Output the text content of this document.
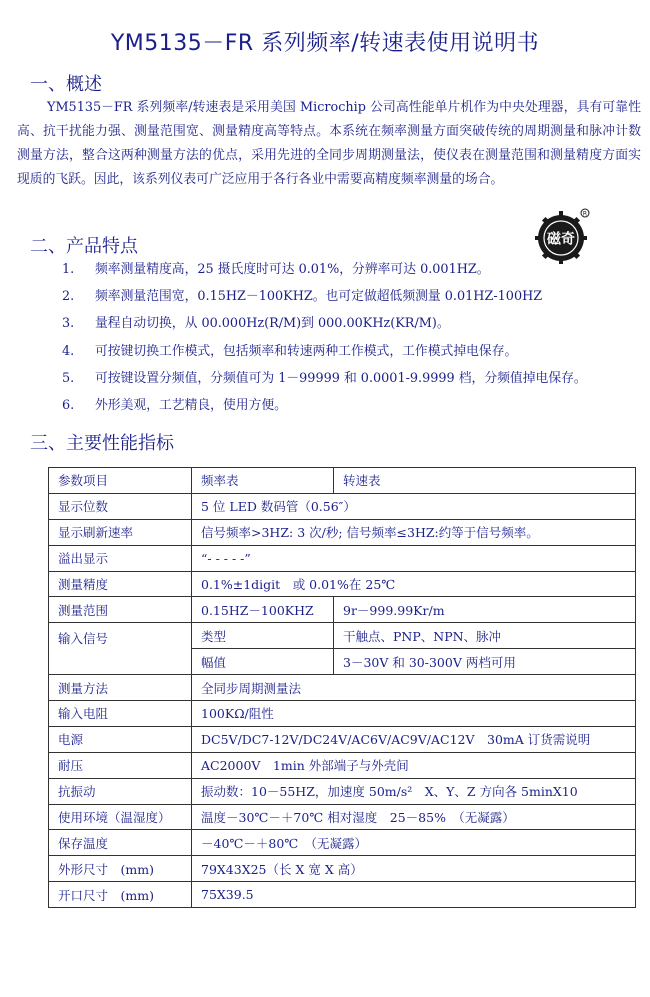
YM5135－FR 系列频率/转速表使用说明书
一、概述
YM5135－FR 系列频率/转速表是采用美国 Microchip 公司高性能单片机作为中央处理器，具有可靠性高、抗干扰能力强、测量范围宽、测量精度高等特点。本系统在频率测量方面突破传统的周期测量和脉冲计数测量方法，整合这两种测量方法的优点，采用先进的全同步周期测量法，使仪表在测量范围和测量精度方面实现质的飞跃。因此，该系列仪表可广泛应用于各行各业中需要高精度频率测量的场合。
二、产品特点	磁奇
R
1. 频率测量精度高，25 摄氏度时可达 0.01%，分辨率可达 0.001HZ。
2. 频率测量范围宽，0.15HZ－100KHZ。也可定做超低频测量 0.01HZ-100HZ
3. 量程自动切换，从 00.000Hz(R/M)到 000.00KHz(KR/M)。
4. 可按键切换工作模式，包括频率和转速两种工作模式，工作模式掉电保存。
5. 可按键设置分频值，分频值可为 1－99999 和 0.0001-9.9999 档，分频值掉电保存。
6. 外形美观，工艺精良，使用方便。
三、主要性能指标
参数项目	频率表	转速表
显示位数	5 位 LED 数码管（0.56″）	
显示刷新速率	信号频率>3HZ: 3 次/秒; 信号频率≤3HZ:约等于信号频率。	
溢出显示	“- - - - -”	
测量精度	0.1%±1digit　或 0.01%在 25℃	
测量范围	0.15HZ－100KHZ	9r－999.99Kr/m
输入信号	类型	干触点、PNP、NPN、脉冲
	幅值	3－30V 和 30-300V 两档可用
测量方法	全同步周期测量法	
输入电阻	100KΩ/阻性	
电源	DC5V/DC7-12V/DC24V/AC6V/AC9V/AC12V　30mA 订货需说明	
耐压	AC2000V　1min 外部端子与外壳间	
抗振动	振动数：10－55HZ，加速度 50m/s²　X、Y、Z 方向各 5minX10	
使用环境（温湿度）	温度－30℃－＋70℃ 相对湿度　25－85%　（无凝露）	
保存温度	－40℃－＋80℃　（无凝露）	
外形尺寸　(mm)	79X43X25（长 X 宽 X 高）	
开口尺寸　(mm)	75X39.5	
